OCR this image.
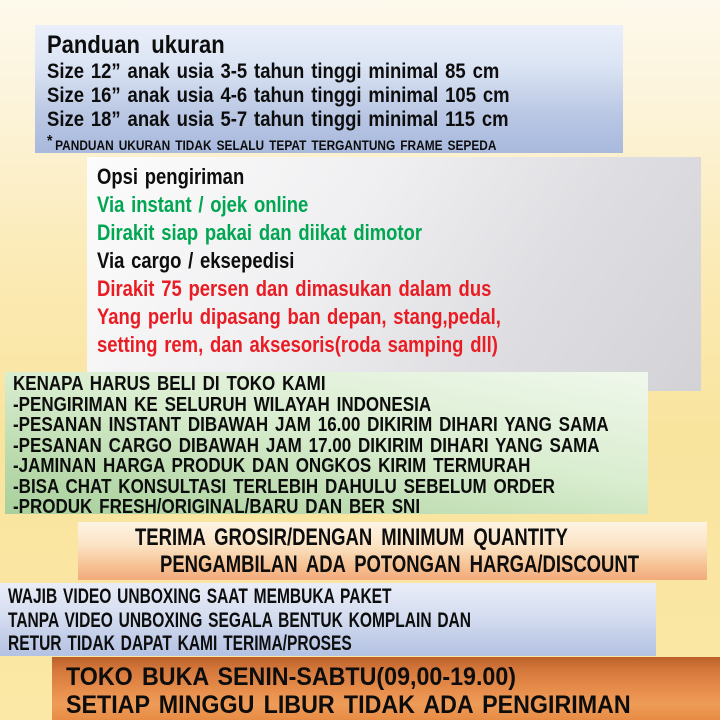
Panduan ukuran
Size 12” anak usia 3-5 tahun tinggi minimal 85 cm
Size 16” anak usia 4-6 tahun tinggi minimal 105 cm
Size 18” anak usia 5-7 tahun tinggi minimal 115 cm
* PANDUAN UKURAN TIDAK SELALU TEPAT TERGANTUNG FRAME SEPEDA
Opsi pengiriman
Via instant / ojek online
Dirakit siap pakai dan diikat dimotor
Via cargo / eksepedisi
Dirakit 75 persen dan dimasukan dalam dus
Yang perlu dipasang ban depan, stang,pedal,
setting rem, dan aksesoris(roda samping dll)
KENAPA HARUS BELI DI TOKO KAMI
-PENGIRIMAN KE SELURUH WILAYAH INDONESIA
-PESANAN INSTANT DIBAWAH JAM 16.00 DIKIRIM DIHARI YANG SAMA
-PESANAN CARGO DIBAWAH JAM 17.00 DIKIRIM DIHARI YANG SAMA
-JAMINAN HARGA PRODUK DAN ONGKOS KIRIM TERMURAH
-BISA CHAT KONSULTASI TERLEBIH DAHULU SEBELUM ORDER
-PRODUK FRESH/ORIGINAL/BARU DAN BER SNI
TERIMA GROSIR/DENGAN MINIMUM QUANTITY
PENGAMBILAN ADA POTONGAN HARGA/DISCOUNT
WAJIB VIDEO UNBOXING SAAT MEMBUKA PAKET
TANPA VIDEO UNBOXING SEGALA BENTUK KOMPLAIN DAN
RETUR TIDAK DAPAT KAMI TERIMA/PROSES
TOKO BUKA SENIN-SABTU(09,00-19.00)
SETIAP MINGGU LIBUR TIDAK ADA PENGIRIMAN
